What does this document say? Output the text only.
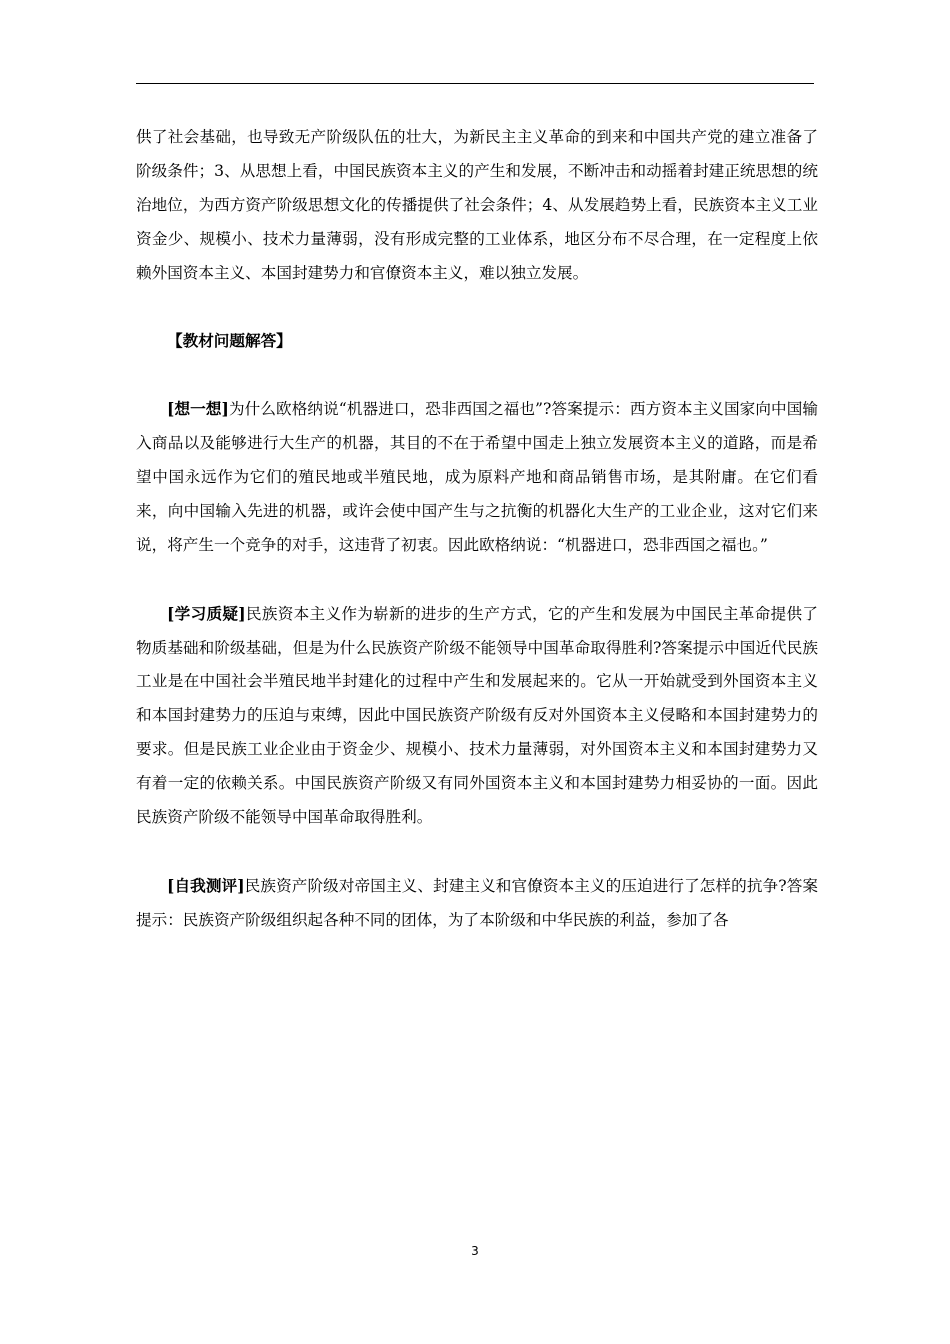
供了社会基础，也导致无产阶级队伍的壮大，为新民主主义革命的到来和中国共产党的建立准备了阶级条件；3、从思想上看，中国民族资本主义的产生和发展，不断冲击和动摇着封建正统思想的统治地位，为西方资产阶级思想文化的传播提供了社会条件；4、从发展趋势上看，民族资本主义工业资金少、规模小、技术力量薄弱，没有形成完整的工业体系，地区分布不尽合理，在一定程度上依赖外国资本主义、本国封建势力和官僚资本主义，难以独立发展。

【教材问题解答】

[想一想]为什么欧格纳说“机器进口，恐非西国之福也”?答案提示：西方资本主义国家向中国输入商品以及能够进行大生产的机器，其目的不在于希望中国走上独立发展资本主义的道路，而是希望中国永远作为它们的殖民地或半殖民地，成为原料产地和商品销售市场，是其附庸。在它们看来，向中国输入先进的机器，或许会使中国产生与之抗衡的机器化大生产的工业企业，这对它们来说，将产生一个竞争的对手，这违背了初衷。因此欧格纳说：“机器进口，恐非西国之福也。”

[学习质疑]民族资本主义作为崭新的进步的生产方式，它的产生和发展为中国民主革命提供了物质基础和阶级基础，但是为什么民族资产阶级不能领导中国革命取得胜利?答案提示中国近代民族工业是在中国社会半殖民地半封建化的过程中产生和发展起来的。它从一开始就受到外国资本主义和本国封建势力的压迫与束缚，因此中国民族资产阶级有反对外国资本主义侵略和本国封建势力的要求。但是民族工业企业由于资金少、规模小、技术力量薄弱，对外国资本主义和本国封建势力又有着一定的依赖关系。中国民族资产阶级又有同外国资本主义和本国封建势力相妥协的一面。因此民族资产阶级不能领导中国革命取得胜利。

[自我测评]民族资产阶级对帝国主义、封建主义和官僚资本主义的压迫进行了怎样的抗争?答案提示：民族资产阶级组织起各种不同的团体，为了本阶级和中华民族的利益，参加了各

3
